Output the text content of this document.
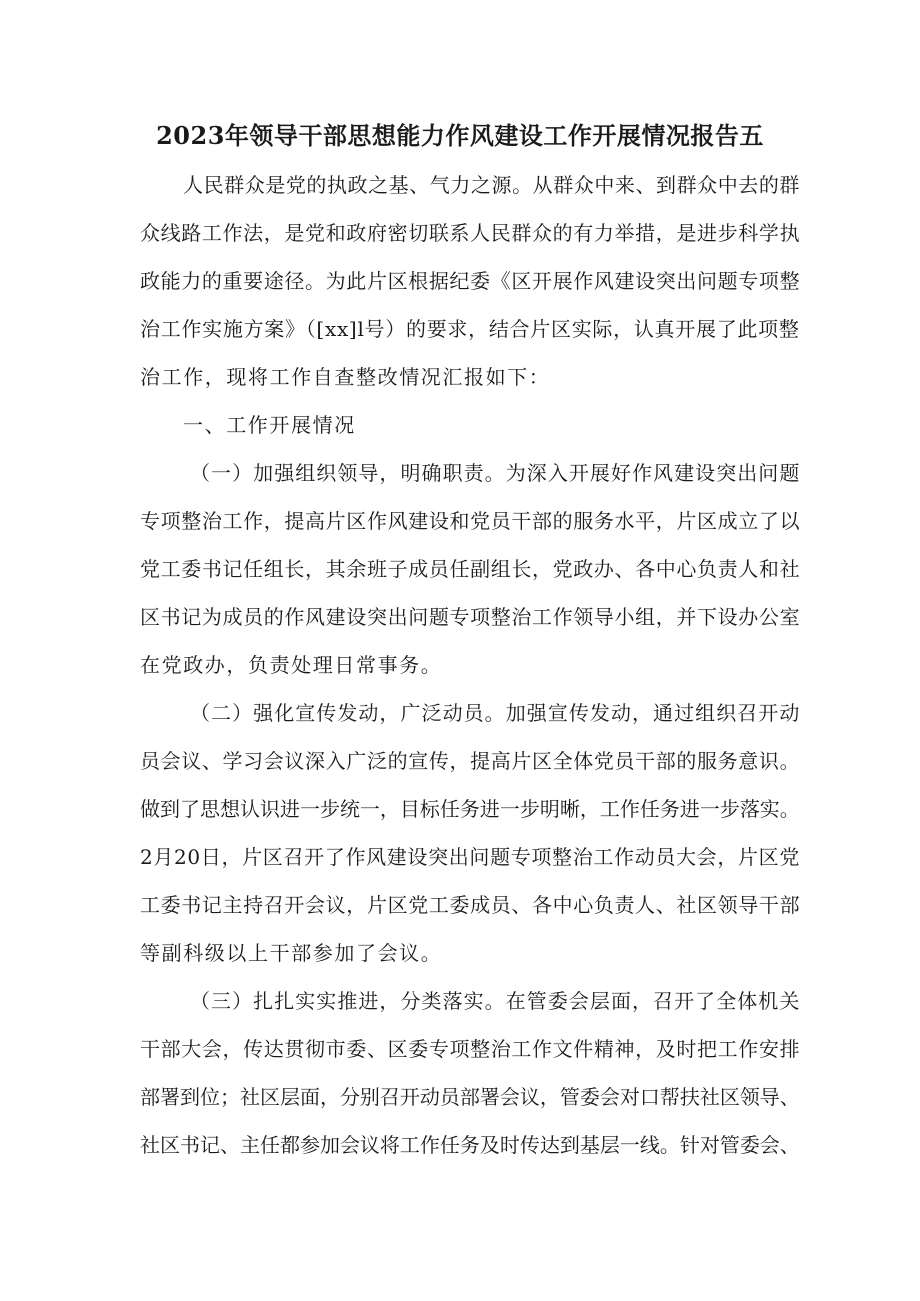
2023年领导干部思想能力作风建设工作开展情况报告五
人民群众是党的执政之基、气力之源。从群众中来、到群众中去的群
众线路工作法，是党和政府密切联系人民群众的有力举措，是进步科学执
政能力的重要途径。为此片区根据纪委《区开展作风建设突出问题专项整
治工作实施方案》（[xx]l号）的要求，结合片区实际，认真开展了此项整
治工作，现将工作自查整改情况汇报如下：
一、工作开展情况
（一）加强组织领导，明确职责。为深入开展好作风建设突出问题
专项整治工作，提高片区作风建设和党员干部的服务水平，片区成立了以
党工委书记任组长，其余班子成员任副组长，党政办、各中心负责人和社
区书记为成员的作风建设突出问题专项整治工作领导小组，并下设办公室
在党政办，负责处理日常事务。
（二）强化宣传发动，广泛动员。加强宣传发动，通过组织召开动
员会议、学习会议深入广泛的宣传，提高片区全体党员干部的服务意识。
做到了思想认识进一步统一，目标任务进一步明晰，工作任务进一步落实。
2月20日，片区召开了作风建设突出问题专项整治工作动员大会，片区党
工委书记主持召开会议，片区党工委成员、各中心负责人、社区领导干部
等副科级以上干部参加了会议。
（三）扎扎实实推进，分类落实。在管委会层面，召开了全体机关
干部大会，传达贯彻市委、区委专项整治工作文件精神，及时把工作安排
部署到位；社区层面，分别召开动员部署会议，管委会对口帮扶社区领导、
社区书记、主任都参加会议将工作任务及时传达到基层一线。针对管委会、
